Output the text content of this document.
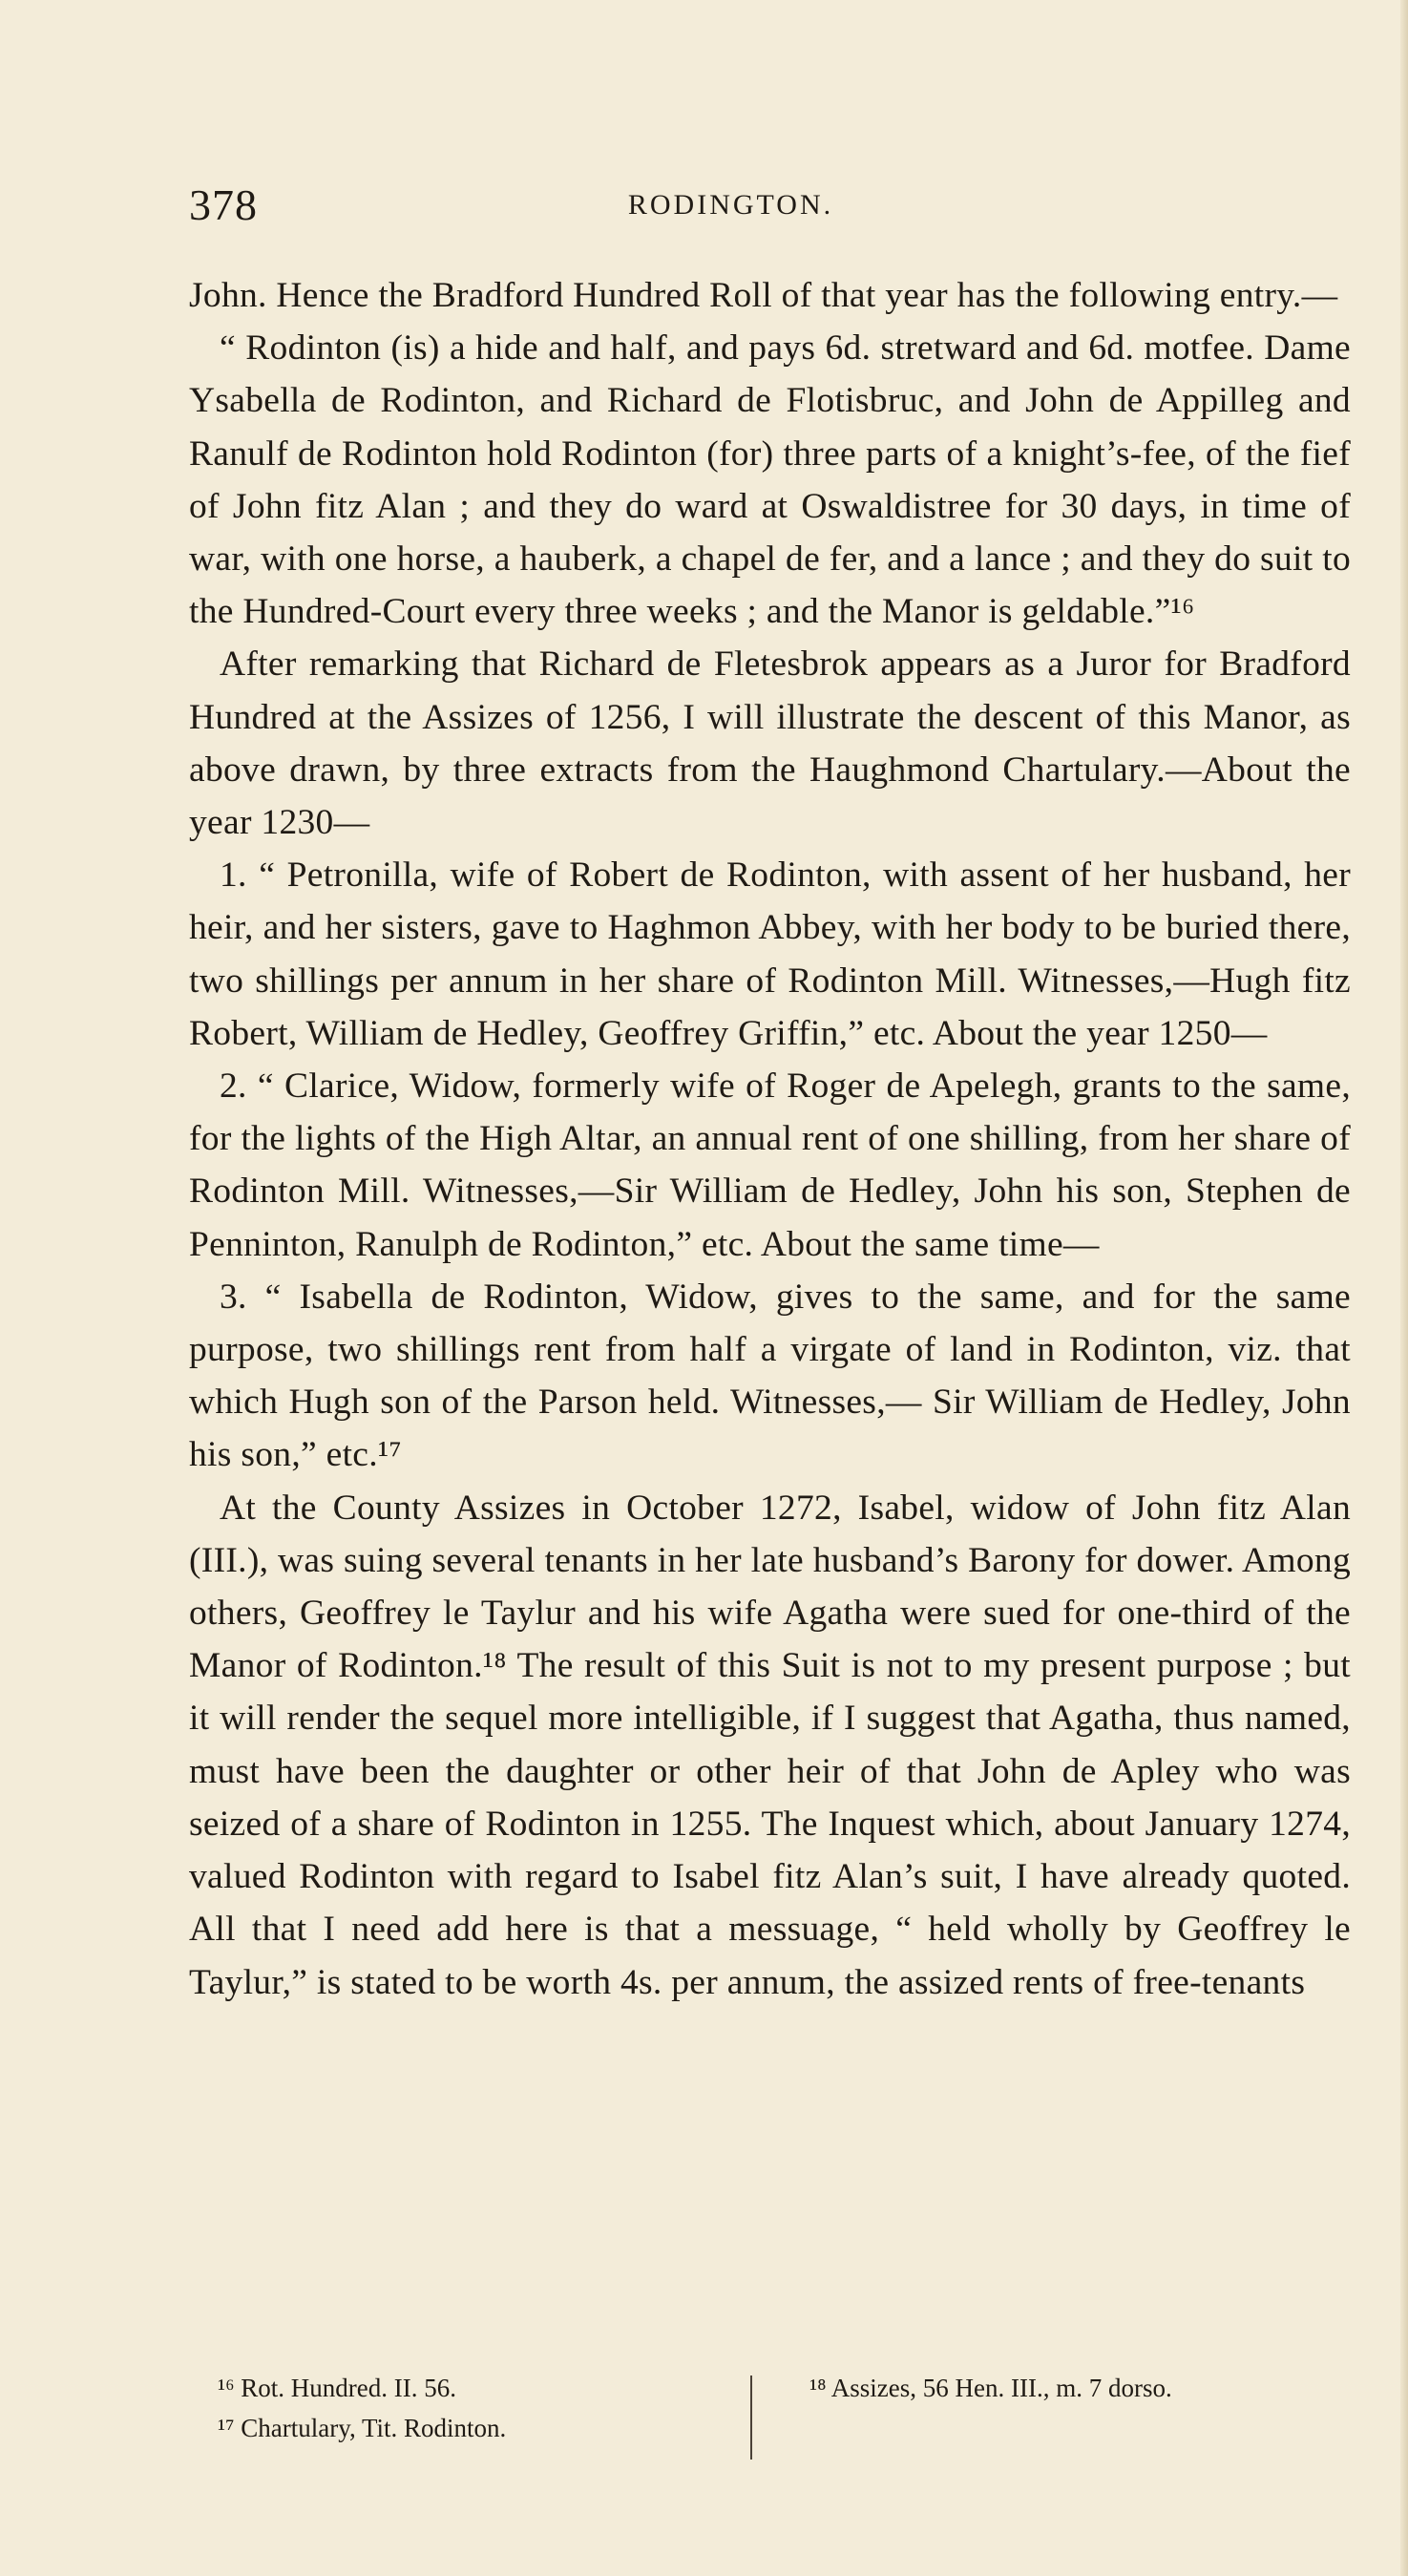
378	RODINGTON.

John. Hence the Bradford Hundred Roll of that year has the following entry.—

“ Rodinton (is) a hide and half, and pays 6d. stretward and 6d. motfee. Dame Ysabella de Rodinton, and Richard de Flotisbruc, and John de Appilleg and Ranulf de Rodinton hold Rodinton (for) three parts of a knight’s-fee, of the fief of John fitz Alan ; and they do ward at Oswaldistree for 30 days, in time of war, with one horse, a hauberk, a chapel de fer, and a lance ; and they do suit to the Hundred-Court every three weeks ; and the Manor is geldable.”¹⁶

After remarking that Richard de Fletesbrok appears as a Juror for Bradford Hundred at the Assizes of 1256, I will illustrate the descent of this Manor, as above drawn, by three extracts from the Haughmond Chartulary.—About the year 1230—

1. “ Petronilla, wife of Robert de Rodinton, with assent of her husband, her heir, and her sisters, gave to Haghmon Abbey, with her body to be buried there, two shillings per annum in her share of Rodinton Mill. Witnesses,—Hugh fitz Robert, William de Hedley, Geoffrey Griffin,” etc. About the year 1250—

2. “ Clarice, Widow, formerly wife of Roger de Apelegh, grants to the same, for the lights of the High Altar, an annual rent of one shilling, from her share of Rodinton Mill. Witnesses,—Sir William de Hedley, John his son, Stephen de Penninton, Ranulph de Rodinton,” etc. About the same time—

3. “ Isabella de Rodinton, Widow, gives to the same, and for the same purpose, two shillings rent from half a virgate of land in Rodinton, viz. that which Hugh son of the Parson held. Witnesses,— Sir William de Hedley, John his son,” etc.¹⁷

At the County Assizes in October 1272, Isabel, widow of John fitz Alan (III.), was suing several tenants in her late husband’s Barony for dower. Among others, Geoffrey le Taylur and his wife Agatha were sued for one-third of the Manor of Rodinton.¹⁸ The result of this Suit is not to my present purpose ; but it will render the sequel more intelligible, if I suggest that Agatha, thus named, must have been the daughter or other heir of that John de Apley who was seized of a share of Rodinton in 1255. The Inquest which, about January 1274, valued Rodinton with regard to Isabel fitz Alan’s suit, I have already quoted. All that I need add here is that a messuage, “ held wholly by Geoffrey le Taylur,” is stated to be worth 4s. per annum, the assized rents of free-tenants

¹⁶ Rot. Hundred. II. 56.

¹⁷ Chartulary, Tit. Rodinton.

¹⁸ Assizes, 56 Hen. III., m. 7 dorso.
